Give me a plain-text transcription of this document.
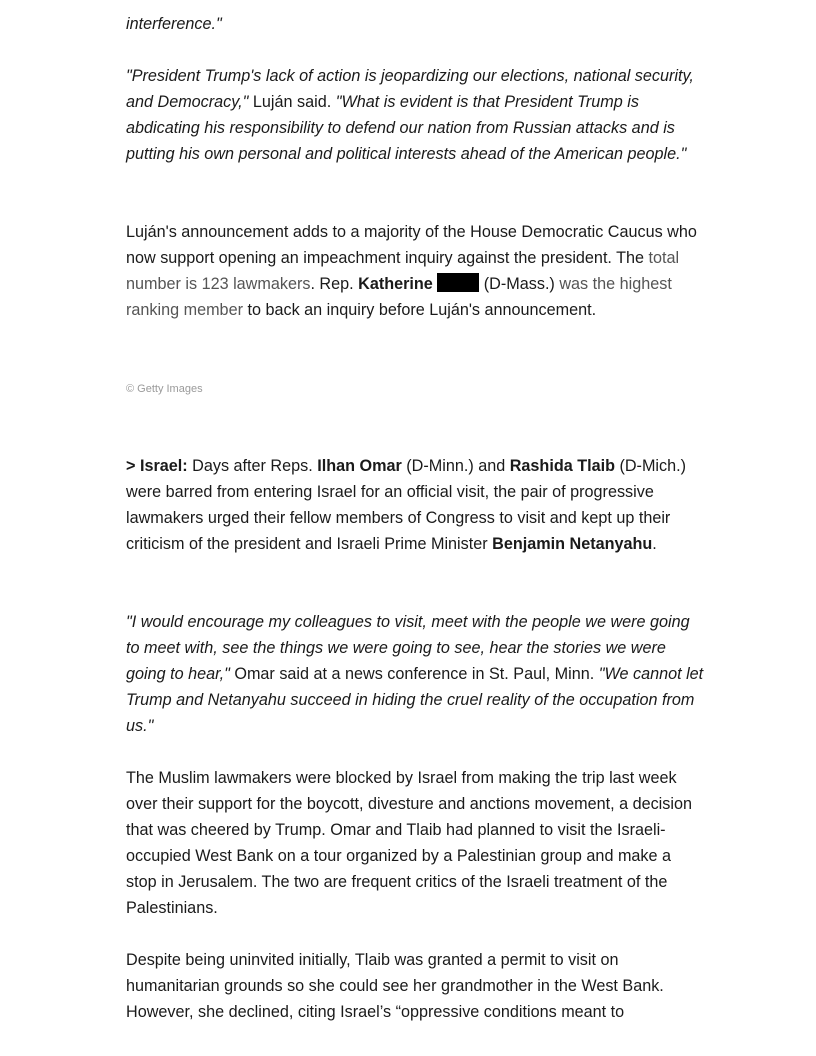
interference."

"President Trump's lack of action is jeopardizing our elections, national security, and Democracy," Luján said. "What is evident is that President Trump is abdicating his responsibility to defend our nation from Russian attacks and is putting his own personal and political interests ahead of the American people."

Luján's announcement adds to a majority of the House Democratic Caucus who now support opening an impeachment inquiry against the president. The total number is 123 lawmakers. Rep. Katherine	(D-Mass.) was the highest ranking member to back an inquiry before Luján's announcement.

© Getty Images

> Israel: Days after Reps. Ilhan Omar (D-Minn.) and Rashida Tlaib (D-Mich.) were barred from entering Israel for an official visit, the pair of progressive lawmakers urged their fellow members of Congress to visit and kept up their criticism of the president and Israeli Prime Minister Benjamin Netanyahu.

"I would encourage my colleagues to visit, meet with the people we were going to meet with, see the things we were going to see, hear the stories we were going to hear," Omar said at a news conference in St. Paul, Minn. "We cannot let Trump and Netanyahu succeed in hiding the cruel reality of the occupation from us."

The Muslim lawmakers were blocked by Israel from making the trip last week over their support for the boycott, divesture and anctions movement, a decision that was cheered by Trump. Omar and Tlaib had planned to visit the Israeli-occupied West Bank on a tour organized by a Palestinian group and make a stop in Jerusalem. The two are frequent critics of the Israeli treatment of the Palestinians.

Despite being uninvited initially, Tlaib was granted a permit to visit on humanitarian grounds so she could see her grandmother in the West Bank. However, she declined, citing Israel’s “oppressive conditions meant to
